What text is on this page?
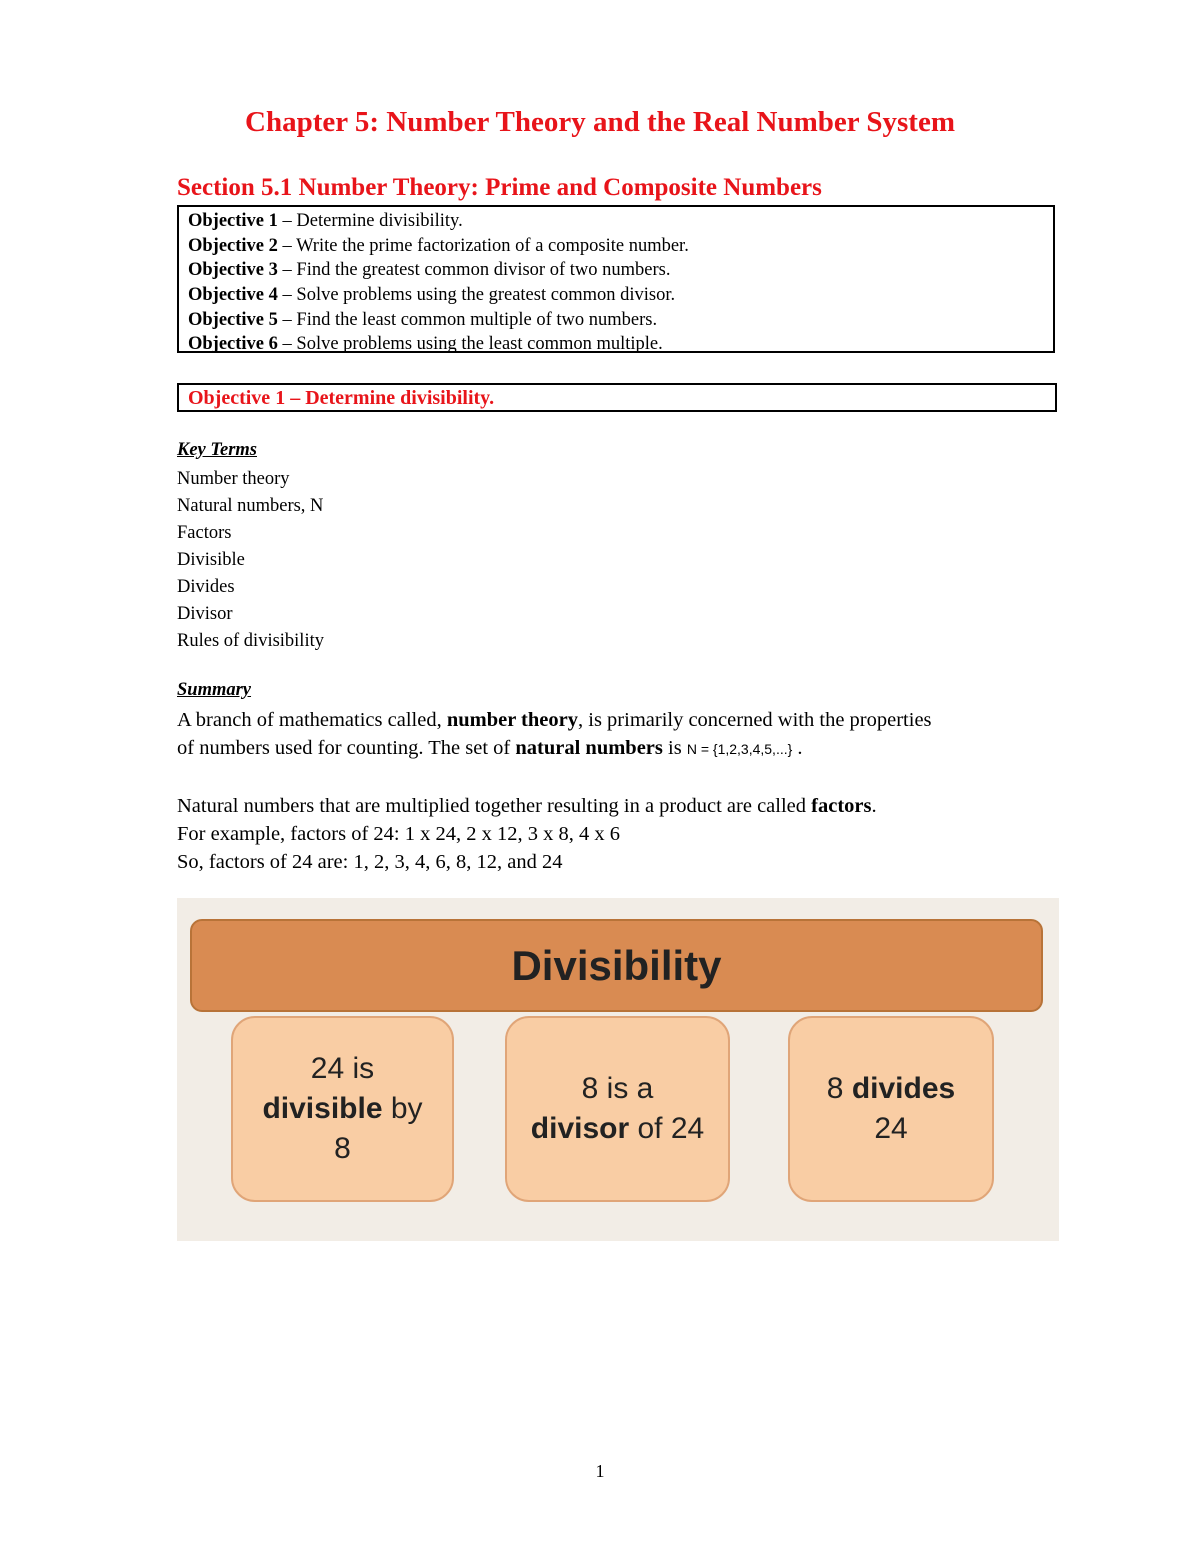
Chapter 5: Number Theory and the Real Number System
Section 5.1 Number Theory: Prime and Composite Numbers
Objective 1 – Determine divisibility.
Objective 2 – Write the prime factorization of a composite number.
Objective 3 – Find the greatest common divisor of two numbers.
Objective 4 – Solve problems using the greatest common divisor.
Objective 5 – Find the least common multiple of two numbers.
Objective 6 – Solve problems using the least common multiple.
Objective 1 – Determine divisibility.
Key Terms
Number theory
Natural numbers, N
Factors
Divisible
Divides
Divisor
Rules of divisibility
Summary
A branch of mathematics called, number theory, is primarily concerned with the properties
of numbers used for counting. The set of natural numbers is N = {1,2,3,4,5,...} .
Natural numbers that are multiplied together resulting in a product are called factors.
For example, factors of 24: 1 x 24, 2 x 12, 3 x 8, 4 x 6
So, factors of 24 are: 1, 2, 3, 4, 6, 8, 12, and 24
Divisibility
24 is
divisible by
8
8 is a
divisor of 24
8 divides
24
1
